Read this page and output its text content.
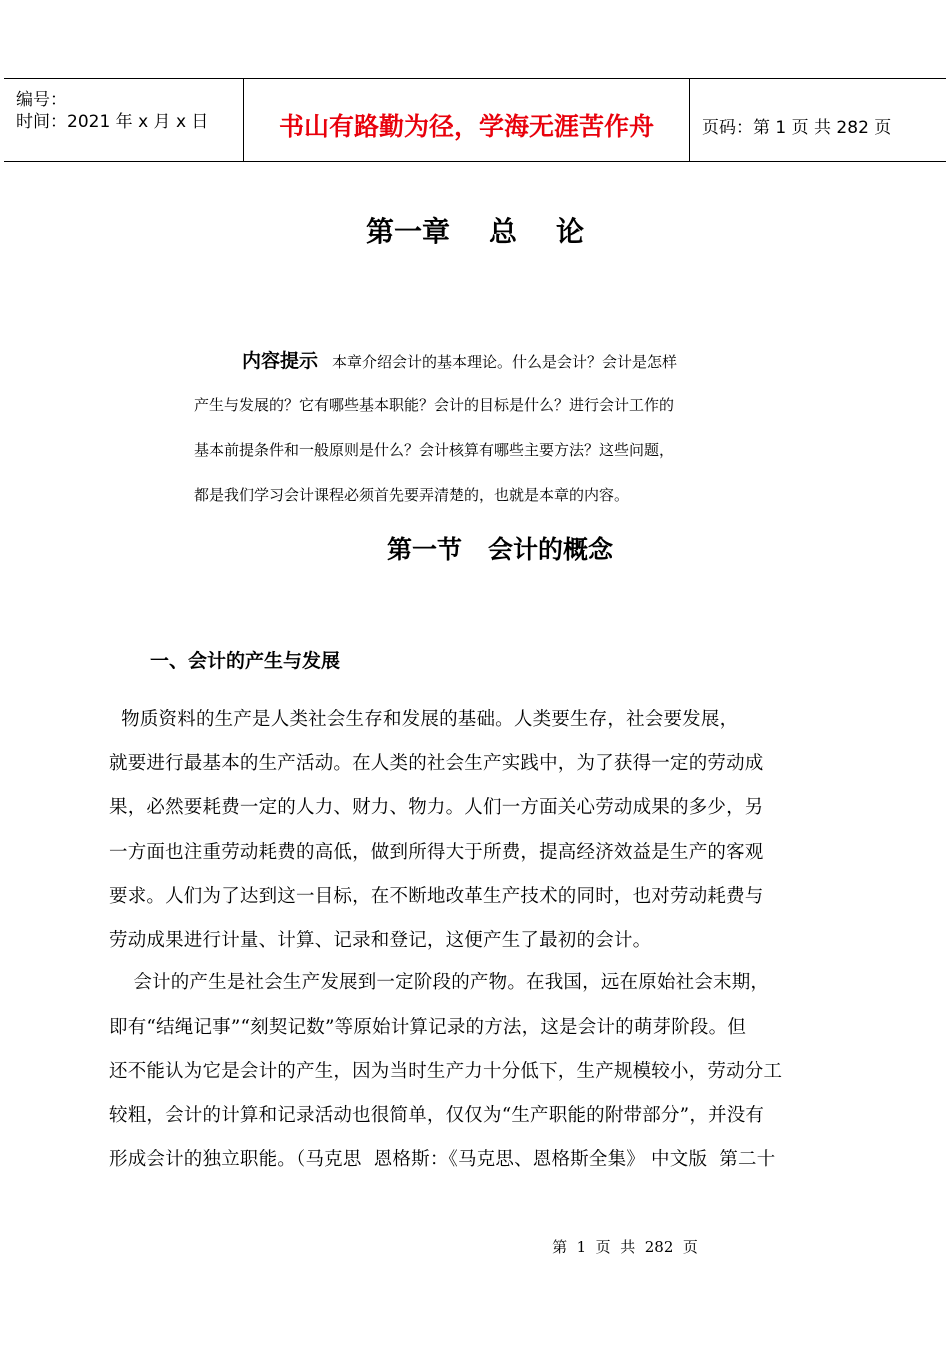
编号：
时间：2021 年 x 月 x 日	书山有路勤为径，学海无涯苦作舟	页码：第 1 页 共 282 页
第一章    总    论
内容提示 本章介绍会计的基本理论。什么是会计？会计是怎样
产生与发展的？它有哪些基本职能？会计的目标是什么？进行会计工作的
基本前提条件和一般原则是什么？会计核算有哪些主要方法？这些问题，
都是我们学习会计课程必须首先要弄清楚的，也就是本章的内容。
第一节   会计的概念
一、会计的产生与发展
物质资料的生产是人类社会生存和发展的基础。人类要生存，社会要发展，
就要进行最基本的生产活动。在人类的社会生产实践中，为了获得一定的劳动成
果，必然要耗费一定的人力、财力、物力。人们一方面关心劳动成果的多少，另
一方面也注重劳动耗费的高低，做到所得大于所费，提高经济效益是生产的客观
要求。人们为了达到这一目标，在不断地改革生产技术的同时，也对劳动耗费与
劳动成果进行计量、计算、记录和登记，这便产生了最初的会计。
会计的产生是社会生产发展到一定阶段的产物。在我国，远在原始社会末期，
即有“结绳记事”“刻契记数”等原始计算记录的方法，这是会计的萌芽阶段。但
还不能认为它是会计的产生，因为当时生产力十分低下，生产规模较小，劳动分工
较粗，会计的计算和记录活动也很简单，仅仅为“生产职能的附带部分”，并没有
形成会计的独立职能。（马克思  恩格斯：《马克思、恩格斯全集》 中文版  第二十
第  1  页  共  282  页
